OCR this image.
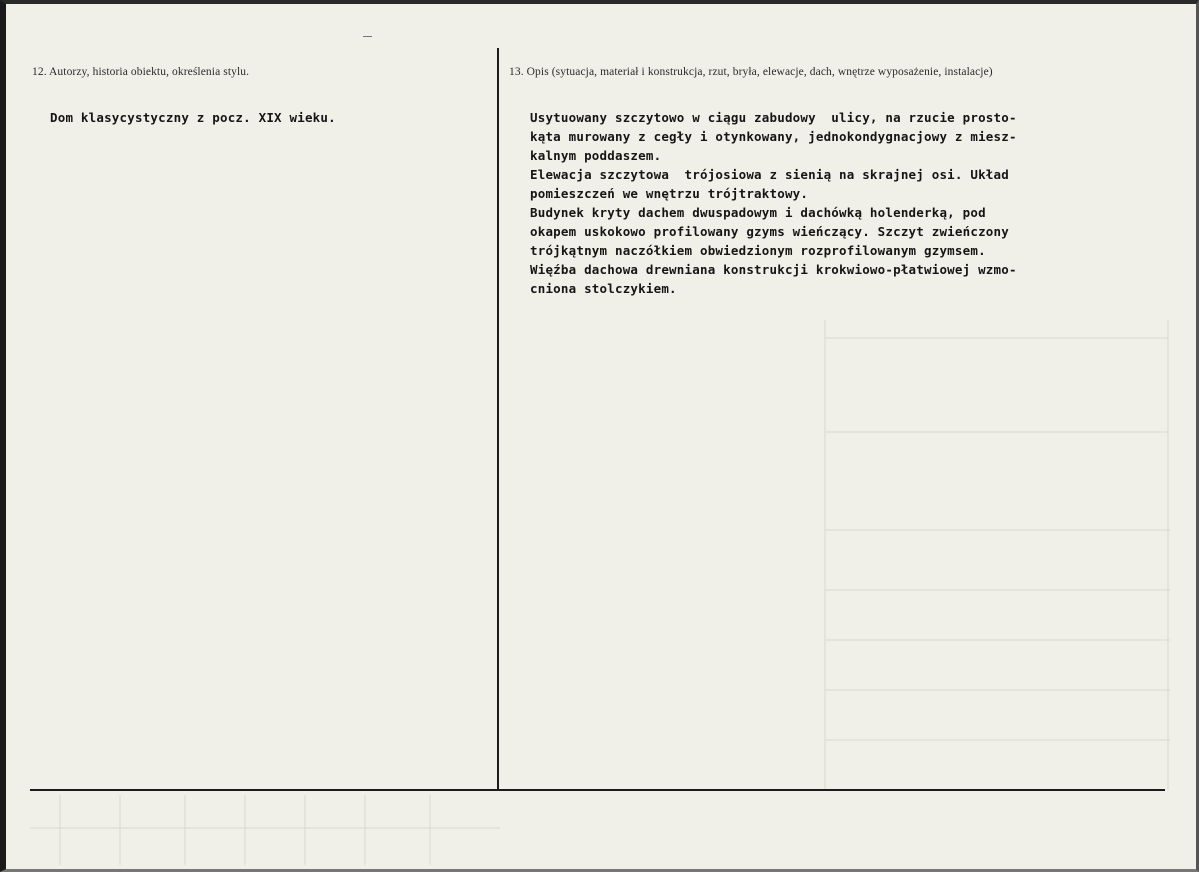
12. Autorzy, historia obiektu, określenia stylu.	13. Opis (sytuacja, materiał i konstrukcja, rzut, bryła, elewacje, dach, wnętrze wyposażenie, instalacje)
Dom klasycystyczny z pocz. XIX wieku.	Usytuowany szczytowo w ciągu zabudowy  ulicy, na rzucie prosto-
kąta murowany z cegły i otynkowany, jednokondygnacjowy z miesz-
kalnym poddaszem.
Elewacja szczytowa  trójosiowa z sienią na skrajnej osi. Układ
pomieszczeń we wnętrzu trójtraktowy.
Budynek kryty dachem dwuspadowym i dachówką holenderką, pod
okapem uskokowo profilowany gzyms wieńczący. Szczyt zwieńczony
trójkątnym naczółkiem obwiedzionym rozprofilowanym gzymsem.
Więźba dachowa drewniana konstrukcji krokwiowo-płatwiowej wzmo-
cniona stolczykiem.
